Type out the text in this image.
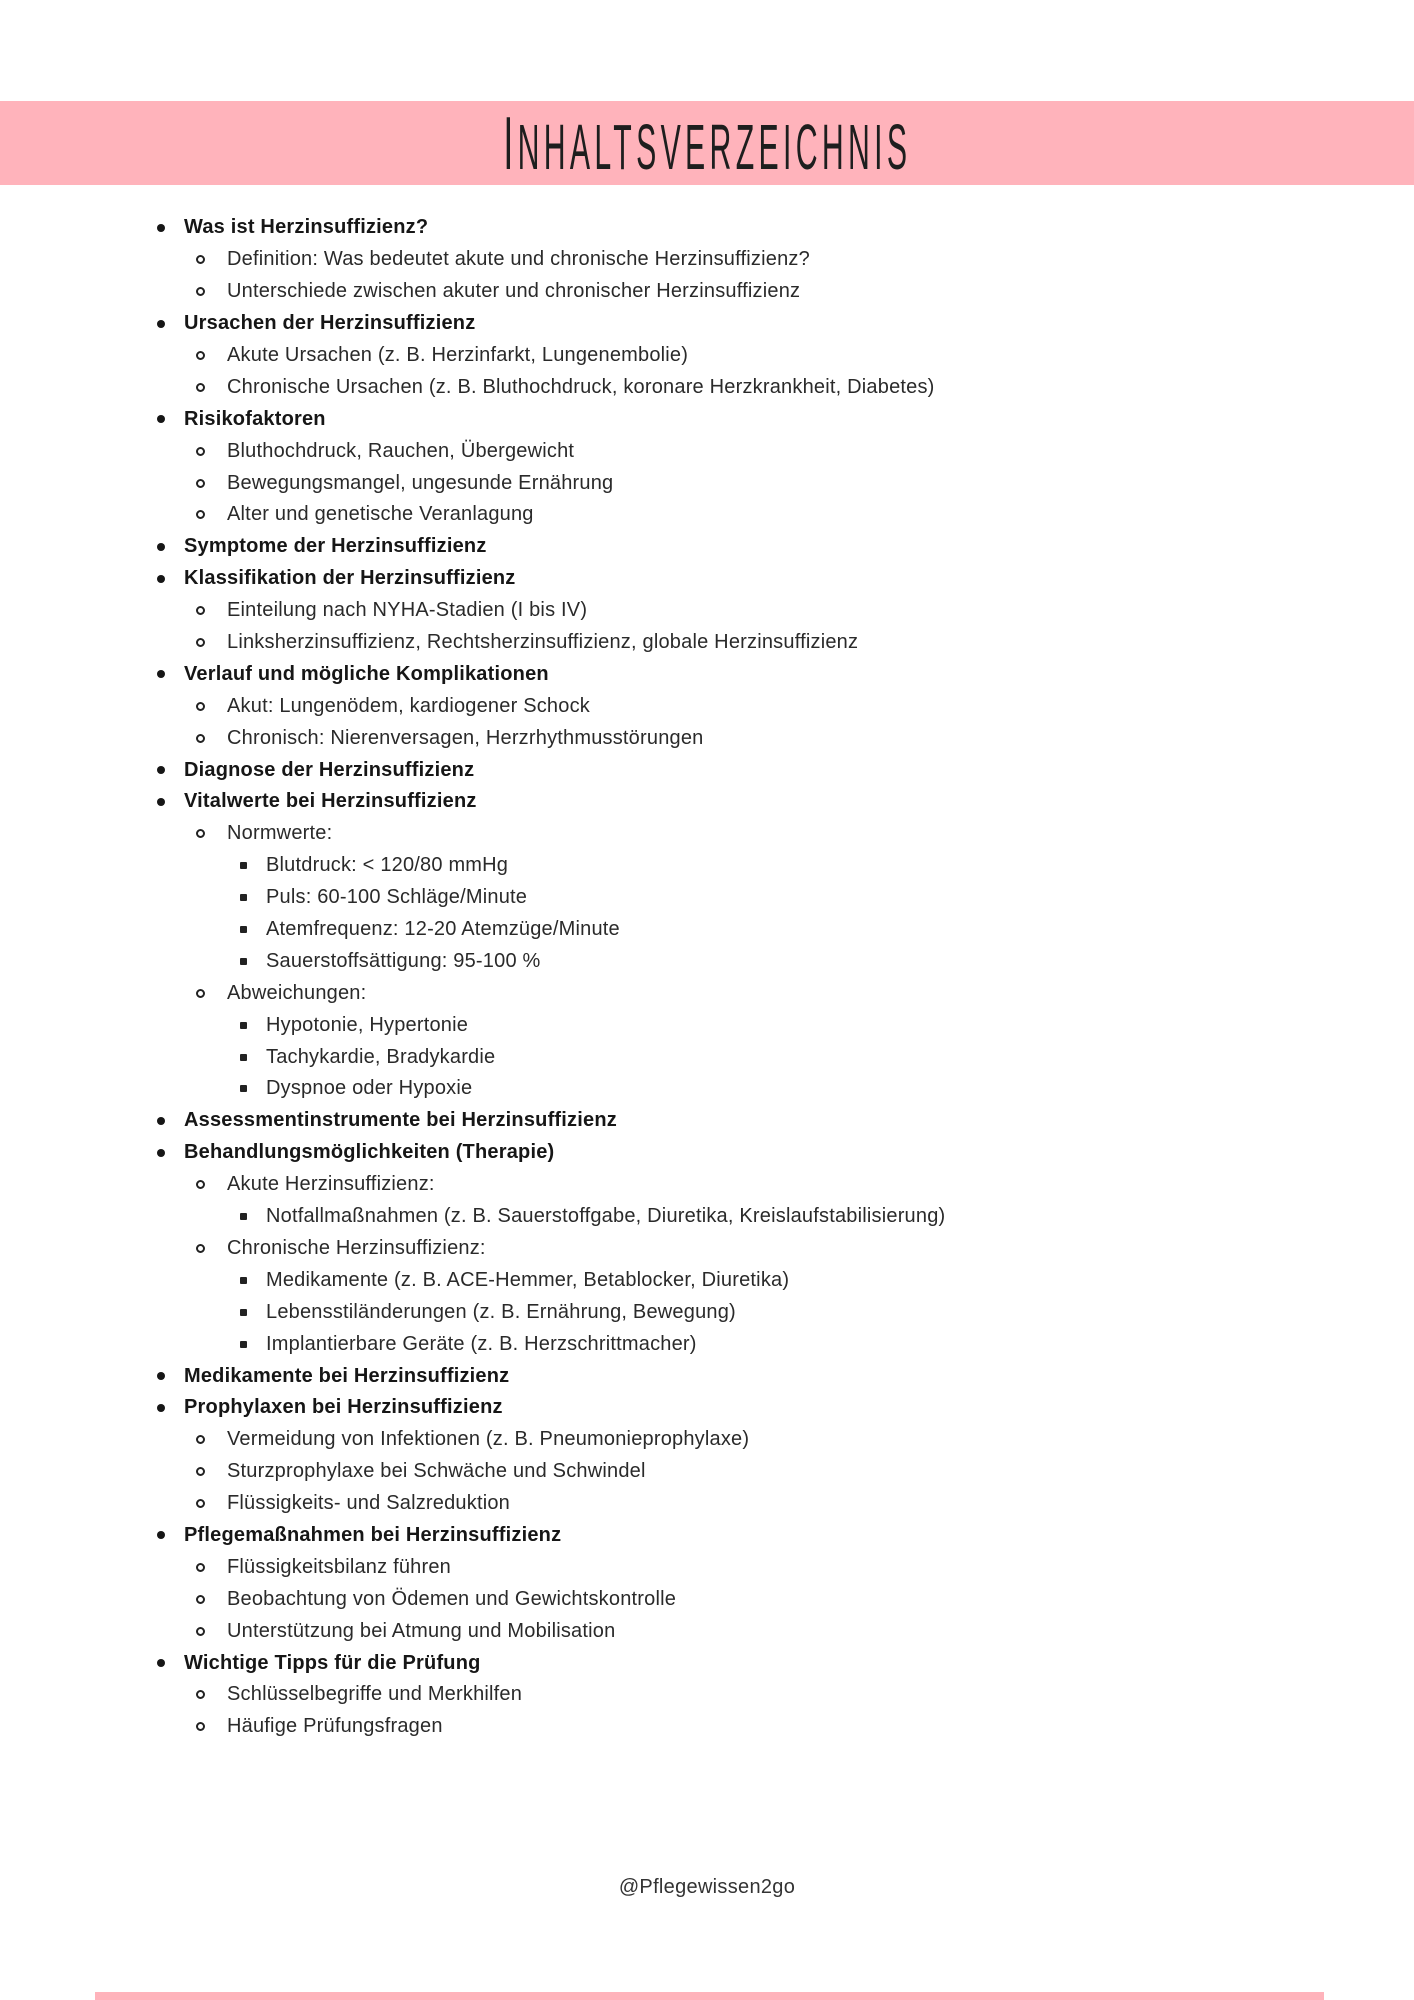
INHALTSVERZEICHNIS
Was ist Herzinsuffizienz?
Definition: Was bedeutet akute und chronische Herzinsuffizienz?
Unterschiede zwischen akuter und chronischer Herzinsuffizienz
Ursachen der Herzinsuffizienz
Akute Ursachen (z. B. Herzinfarkt, Lungenembolie)
Chronische Ursachen (z. B. Bluthochdruck, koronare Herzkrankheit, Diabetes)
Risikofaktoren
Bluthochdruck, Rauchen, Übergewicht
Bewegungsmangel, ungesunde Ernährung
Alter und genetische Veranlagung
Symptome der Herzinsuffizienz
Klassifikation der Herzinsuffizienz
Einteilung nach NYHA-Stadien (I bis IV)
Linksherzinsuffizienz, Rechtsherzinsuffizienz, globale Herzinsuffizienz
Verlauf und mögliche Komplikationen
Akut: Lungenödem, kardiogener Schock
Chronisch: Nierenversagen, Herzrhythmusstörungen
Diagnose der Herzinsuffizienz
Vitalwerte bei Herzinsuffizienz
Normwerte:
Blutdruck: < 120/80 mmHg
Puls: 60-100 Schläge/Minute
Atemfrequenz: 12-20 Atemzüge/Minute
Sauerstoffsättigung: 95-100 %
Abweichungen:
Hypotonie, Hypertonie
Tachykardie, Bradykardie
Dyspnoe oder Hypoxie
Assessmentinstrumente bei Herzinsuffizienz
Behandlungsmöglichkeiten (Therapie)
Akute Herzinsuffizienz:
Notfallmaßnahmen (z. B. Sauerstoffgabe, Diuretika, Kreislaufstabilisierung)
Chronische Herzinsuffizienz:
Medikamente (z. B. ACE-Hemmer, Betablocker, Diuretika)
Lebensstiländerungen (z. B. Ernährung, Bewegung)
Implantierbare Geräte (z. B. Herzschrittmacher)
Medikamente bei Herzinsuffizienz
Prophylaxen bei Herzinsuffizienz
Vermeidung von Infektionen (z. B. Pneumonieprophylaxe)
Sturzprophylaxe bei Schwäche und Schwindel
Flüssigkeits- und Salzreduktion
Pflegemaßnahmen bei Herzinsuffizienz
Flüssigkeitsbilanz führen
Beobachtung von Ödemen und Gewichtskontrolle
Unterstützung bei Atmung und Mobilisation
Wichtige Tipps für die Prüfung
Schlüsselbegriffe und Merkhilfen
Häufige Prüfungsfragen
@Pflegewissen2go
